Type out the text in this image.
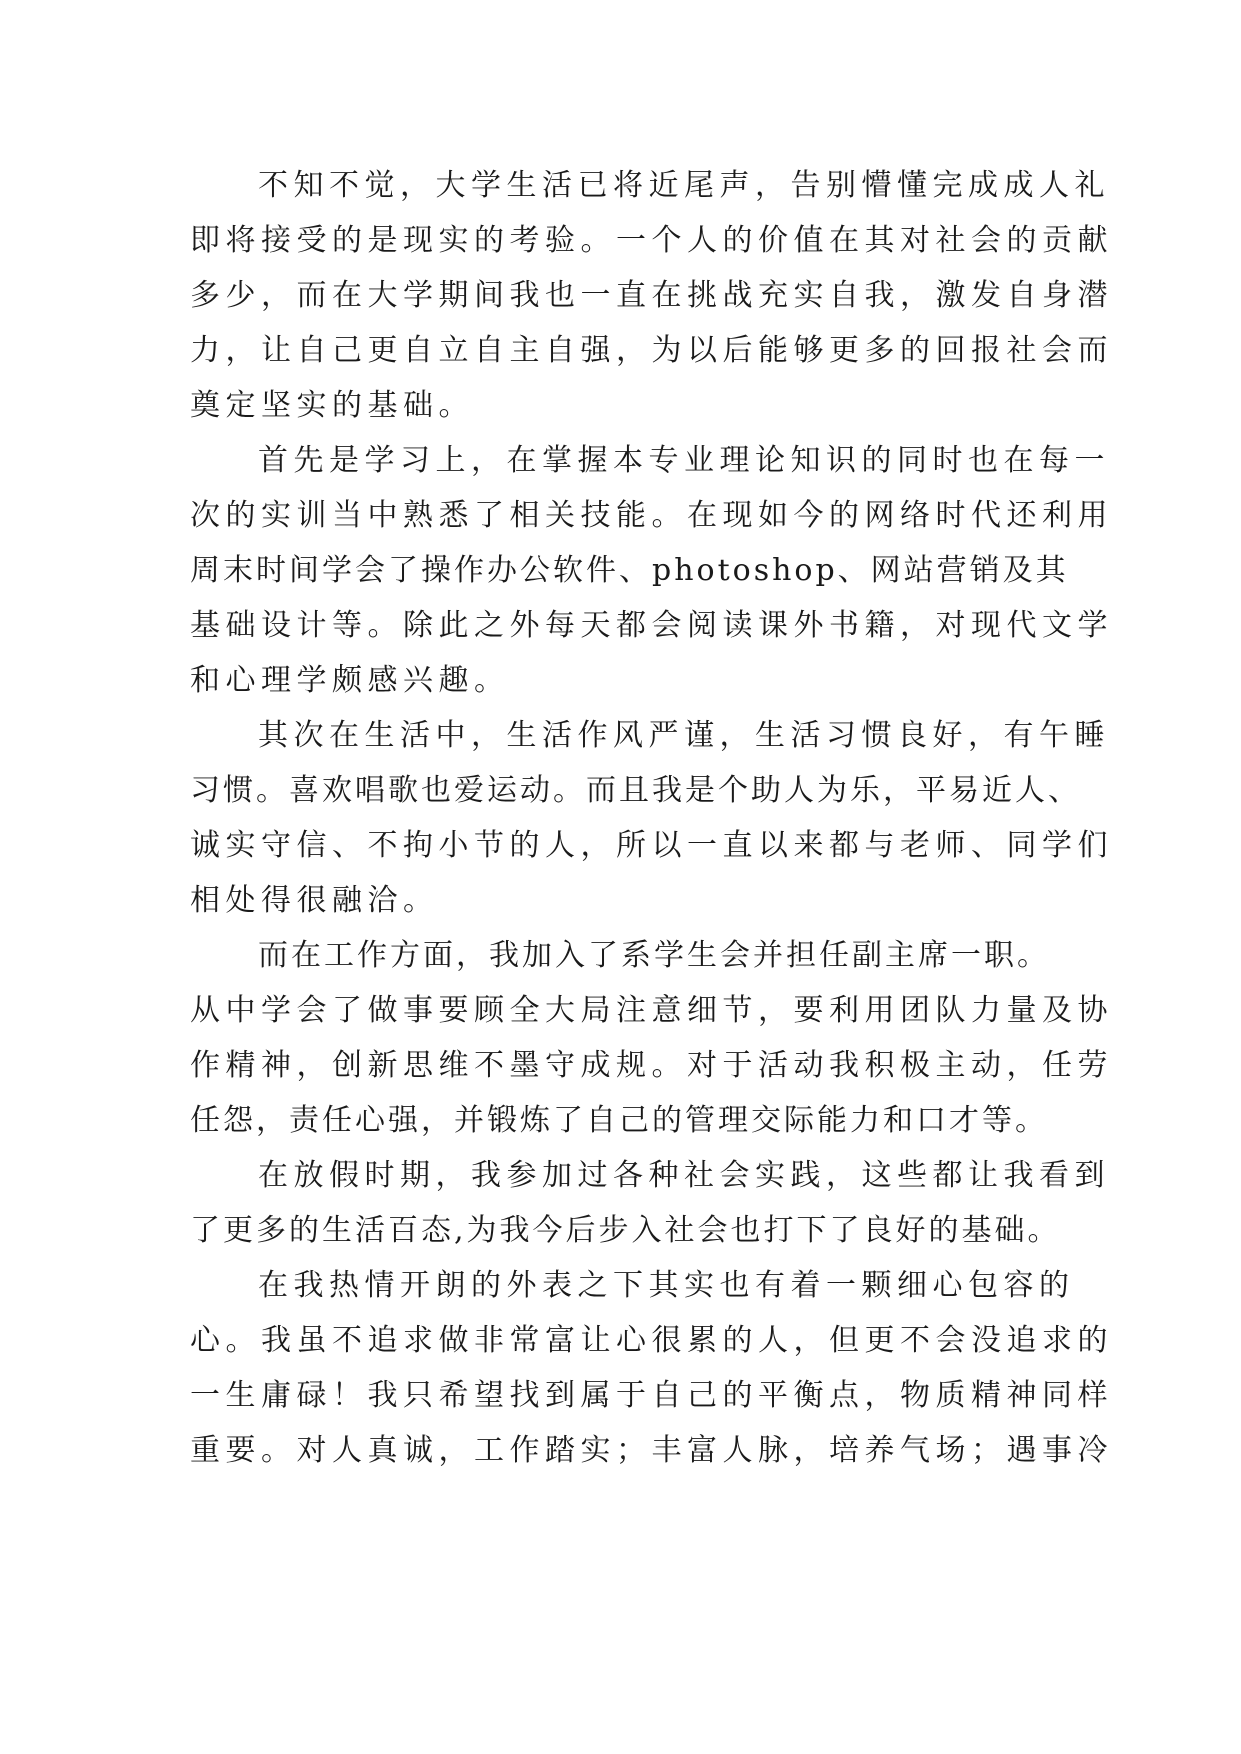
不知不觉，大学生活已将近尾声，告别懵懂完成成人礼
即将接受的是现实的考验。一个人的价值在其对社会的贡献
多少，而在大学期间我也一直在挑战充实自我，激发自身潜
力，让自己更自立自主自强，为以后能够更多的回报社会而
奠定坚实的基础。
首先是学习上，在掌握本专业理论知识的同时也在每一
次的实训当中熟悉了相关技能。在现如今的网络时代还利用
周末时间学会了操作办公软件、photoshop、网站营销及其
基础设计等。除此之外每天都会阅读课外书籍，对现代文学
和心理学颇感兴趣。
其次在生活中，生活作风严谨，生活习惯良好，有午睡
习惯。喜欢唱歌也爱运动。而且我是个助人为乐，平易近人、
诚实守信、不拘小节的人，所以一直以来都与老师、同学们
相处得很融洽。
而在工作方面，我加入了系学生会并担任副主席一职。
从中学会了做事要顾全大局注意细节，要利用团队力量及协
作精神，创新思维不墨守成规。对于活动我积极主动，任劳
任怨，责任心强，并锻炼了自己的管理交际能力和口才等。
在放假时期，我参加过各种社会实践，这些都让我看到
了更多的生活百态,为我今后步入社会也打下了良好的基础。
在我热情开朗的外表之下其实也有着一颗细心包容的
心。我虽不追求做非常富让心很累的人，但更不会没追求的
一生庸碌！我只希望找到属于自己的平衡点，物质精神同样
重要。对人真诚，工作踏实；丰富人脉，培养气场；遇事冷
